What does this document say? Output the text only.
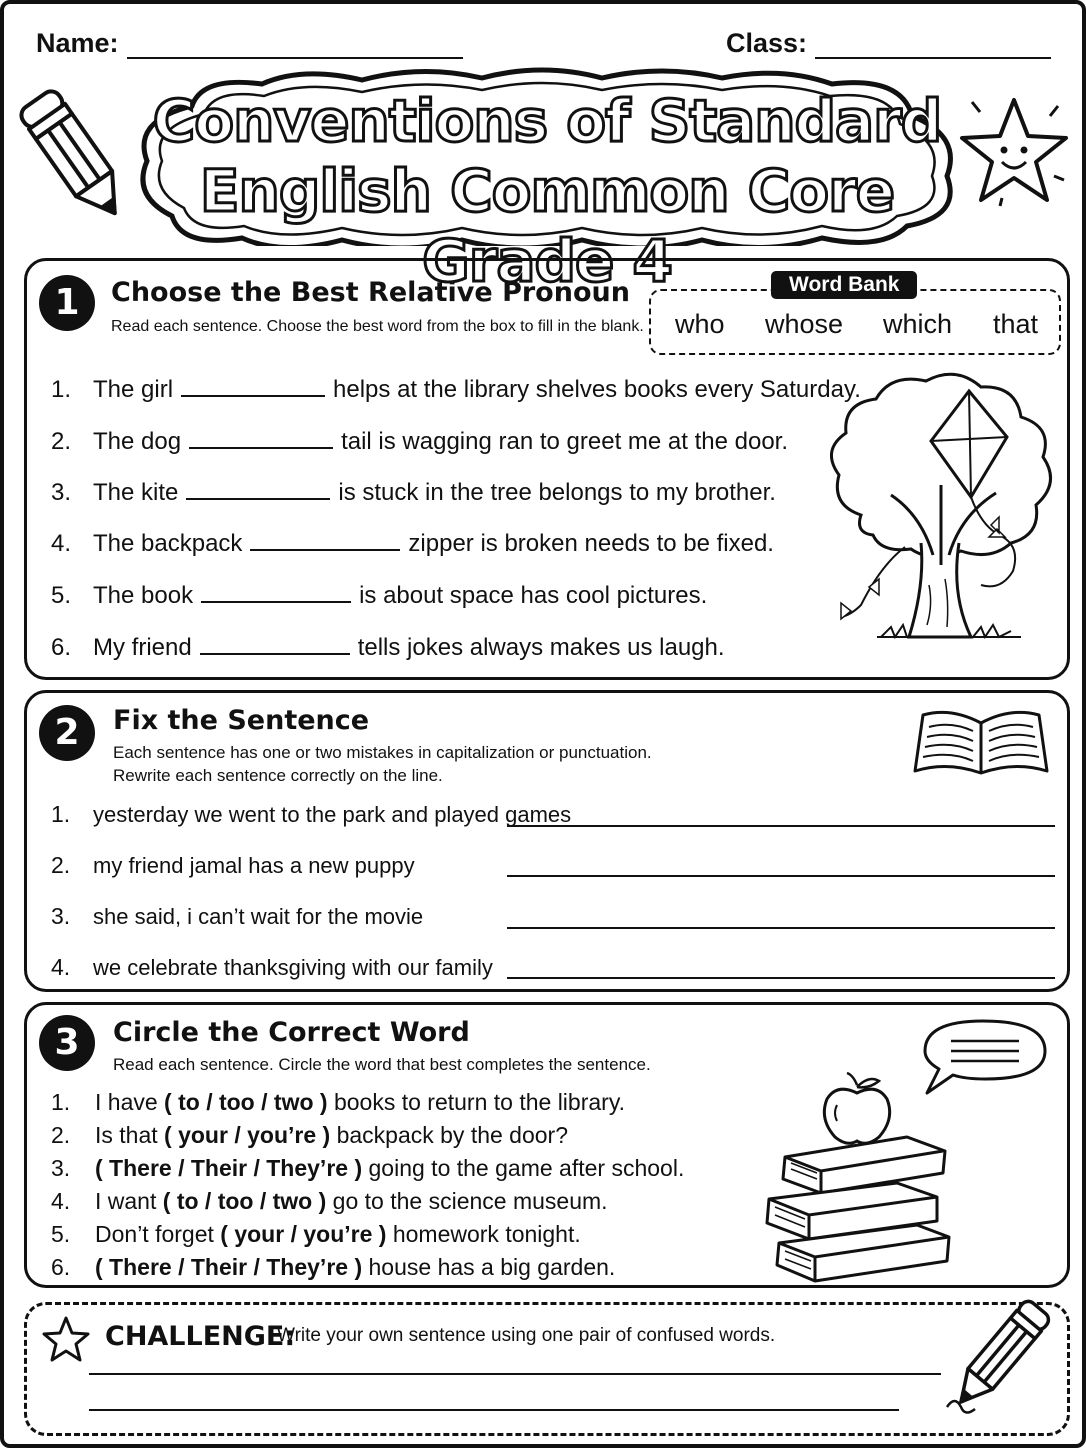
Name:	Class:
Conventions of Standard
English Common Core Grade 4
1	Choose the Best Relative Pronoun
Read each sentence. Choose the best word from the box to fill in the blank.
Word Bank
who whose which that
1. The girl	helps at the library shelves books every Saturday.
2. The dog	tail is wagging ran to greet me at the door.
3. The kite	is stuck in the tree belongs to my brother.
4. The backpack	zipper is broken needs to be fixed.
5. The book	is about space has cool pictures.
6. My friend	tells jokes always makes us laugh.
2	Fix the Sentence
Each sentence has one or two mistakes in capitalization or punctuation.
Rewrite each sentence correctly on the line.
1. yesterday we went to the park and played games
2. my friend jamal has a new puppy
3. she said, i can’t wait for the movie
4. we celebrate thanksgiving with our family
3	Circle the Correct Word
Read each sentence. Circle the word that best completes the sentence.
1. I have ( to / too / two ) books to return to the library.
2. Is that ( your / you’re ) backpack by the door?
3. ( There / Their / They’re ) going to the game after school.
4. I want ( to / too / two ) go to the science museum.
5. Don’t forget ( your / you’re ) homework tonight.
6. ( There / Their / They’re ) house has a big garden.
CHALLENGE:
Write your own sentence using one pair of confused words.
